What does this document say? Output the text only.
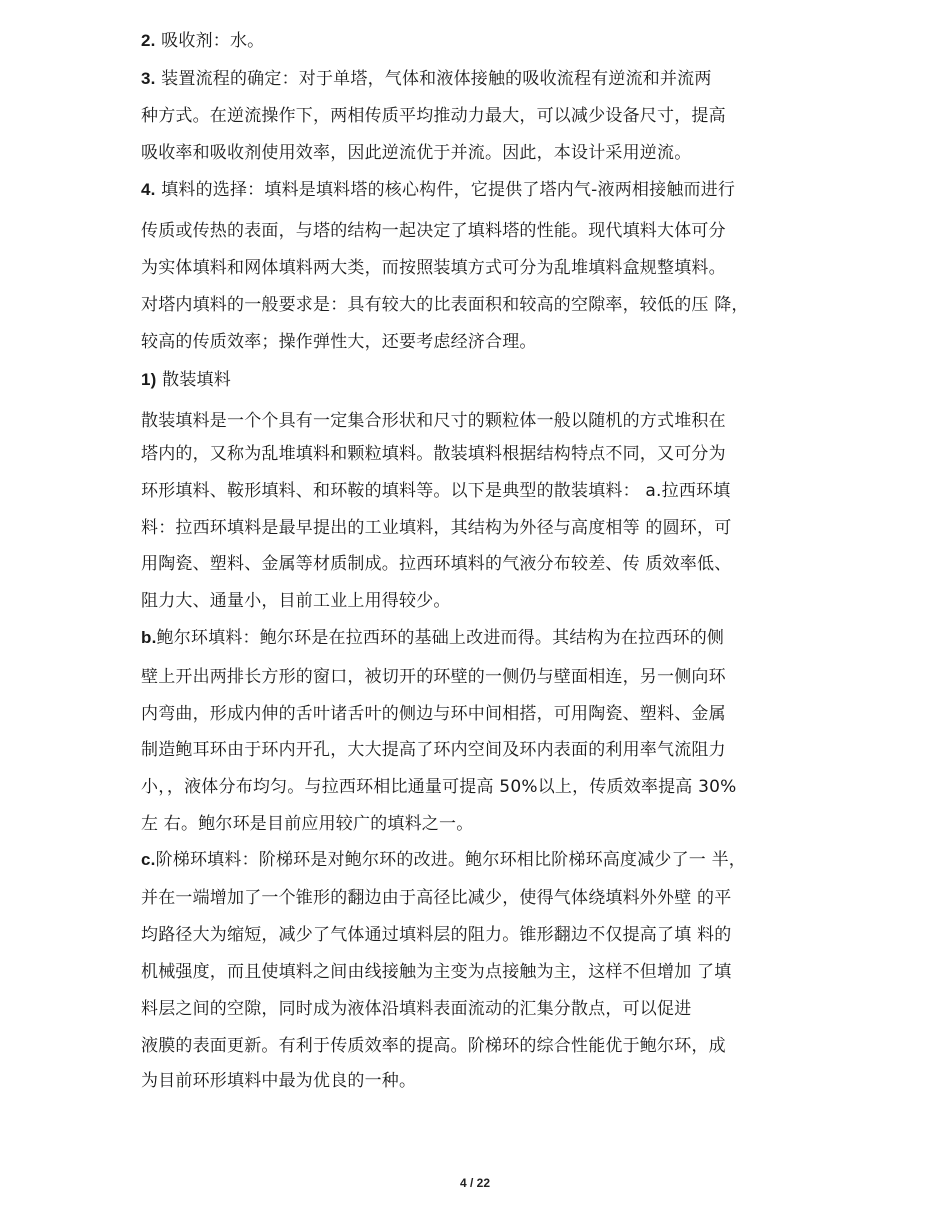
2. 吸收剂：水。
3. 装置流程的确定：对于单塔，气体和液体接触的吸收流程有逆流和并流两
种方式。在逆流操作下，两相传质平均推动力最大，可以减少设备尺寸，提高
吸收率和吸收剂使用效率，因此逆流优于并流。因此，本设计采用逆流。
4. 填料的选择：填料是填料塔的核心构件，它提供了塔内气-液两相接触而进行
传质或传热的表面，与塔的结构一起决定了填料塔的性能。现代填料大体可分
为实体填料和网体填料两大类，而按照装填方式可分为乱堆填料盒规整填料。
对塔内填料的一般要求是：具有较大的比表面积和较高的空隙率，较低的压 降，
较高的传质效率；操作弹性大，还要考虑经济合理。
1) 散装填料
散装填料是一个个具有一定集合形状和尺寸的颗粒体一般以随机的方式堆积在
塔内的，又称为乱堆填料和颗粒填料。散装填料根据结构特点不同，又可分为
环形填料、鞍形填料、和环鞍的填料等。以下是典型的散装填料： a.拉西环填
料：拉西环填料是最早提出的工业填料，其结构为外径与高度相等 的圆环，可
用陶瓷、塑料、金属等材质制成。拉西环填料的气液分布较差、传 质效率低、
阻力大、通量小，目前工业上用得较少。
b.鲍尔环填料：鲍尔环是在拉西环的基础上改进而得。其结构为在拉西环的侧
壁上开出两排长方形的窗口，被切开的环壁的一侧仍与壁面相连，另一侧向环
内弯曲，形成内伸的舌叶诸舌叶的侧边与环中间相搭，可用陶瓷、塑料、金属
制造鲍耳环由于环内开孔，大大提高了环内空间及环内表面的利用率气流阻力
小，，液体分布均匀。与拉西环相比通量可提高 50%以上，传质效率提高 30%
左 右。鲍尔环是目前应用较广的填料之一。
c.阶梯环填料：阶梯环是对鲍尔环的改进。鲍尔环相比阶梯环高度减少了一 半，
并在一端增加了一个锥形的翻边由于高径比减少，使得气体绕填料外外壁 的平
均路径大为缩短，减少了气体通过填料层的阻力。锥形翻边不仅提高了填 料的
机械强度，而且使填料之间由线接触为主变为点接触为主，这样不但增加 了填
料层之间的空隙，同时成为液体沿填料表面流动的汇集分散点，可以促进
液膜的表面更新。有利于传质效率的提高。阶梯环的综合性能优于鲍尔环，成
为目前环形填料中最为优良的一种。
4 / 22
